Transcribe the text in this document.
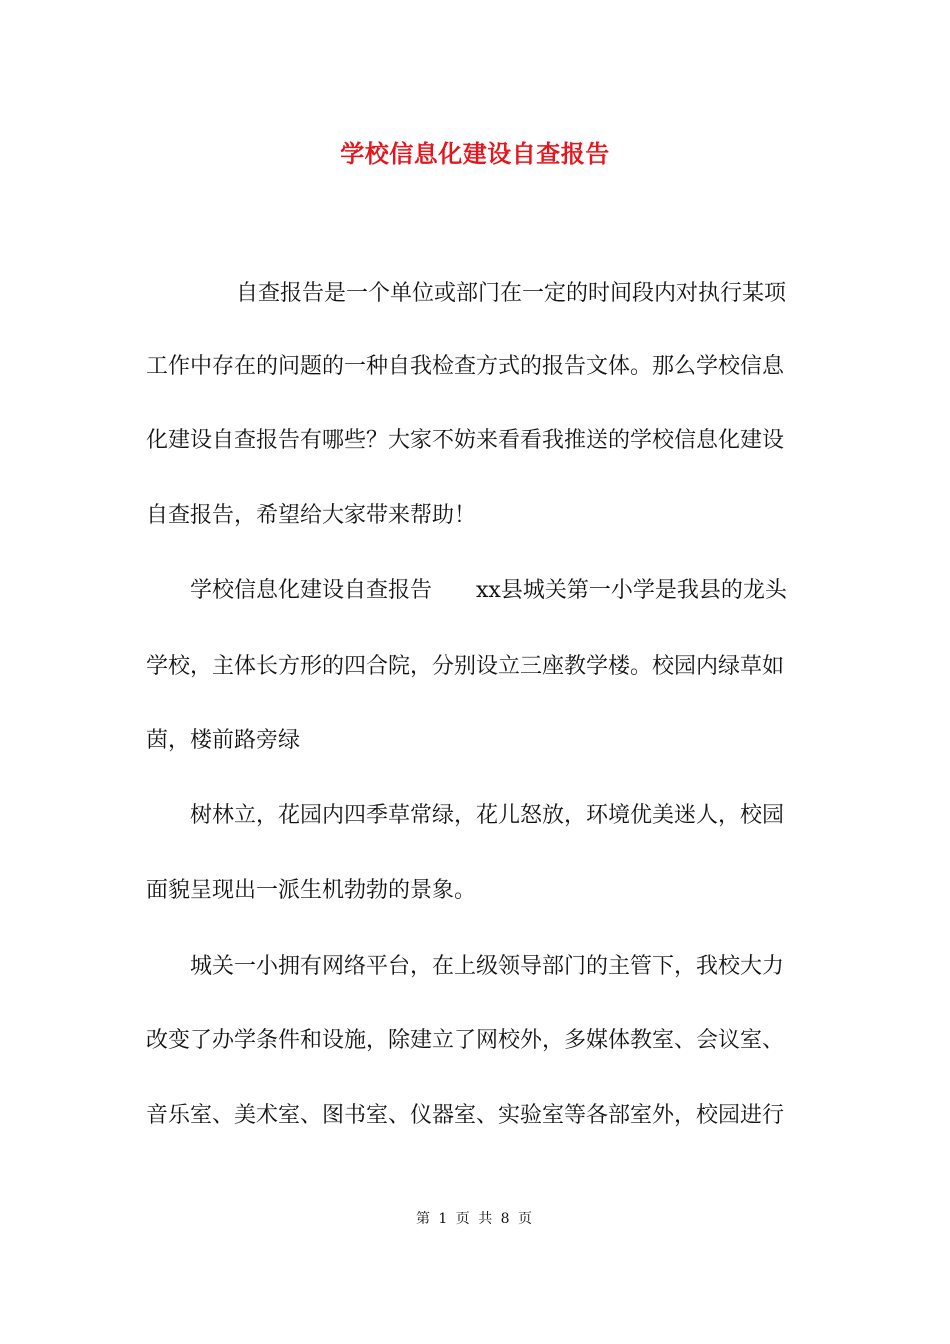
学校信息化建设自查报告
自查报告是一个单位或部门在一定的时间段内对执行某项
工作中存在的问题的一种自我检查方式的报告文体。那么学校信息
化建设自查报告有哪些？大家不妨来看看我推送的学校信息化建设
自查报告，希望给大家带来帮助！
学校信息化建设自查报告　　xx县城关第一小学是我县的龙头
学校，主体长方形的四合院，分别设立三座教学楼。校园内绿草如
茵，楼前路旁绿
树林立，花园内四季草常绿，花儿怒放，环境优美迷人，校园
面貌呈现出一派生机勃勃的景象。
城关一小拥有网络平台，在上级领导部门的主管下，我校大力
改变了办学条件和设施，除建立了网校外，多媒体教室、会议室、
音乐室、美术室、图书室、仪器室、实验室等各部室外，校园进行
第 1 页 共 8 页
